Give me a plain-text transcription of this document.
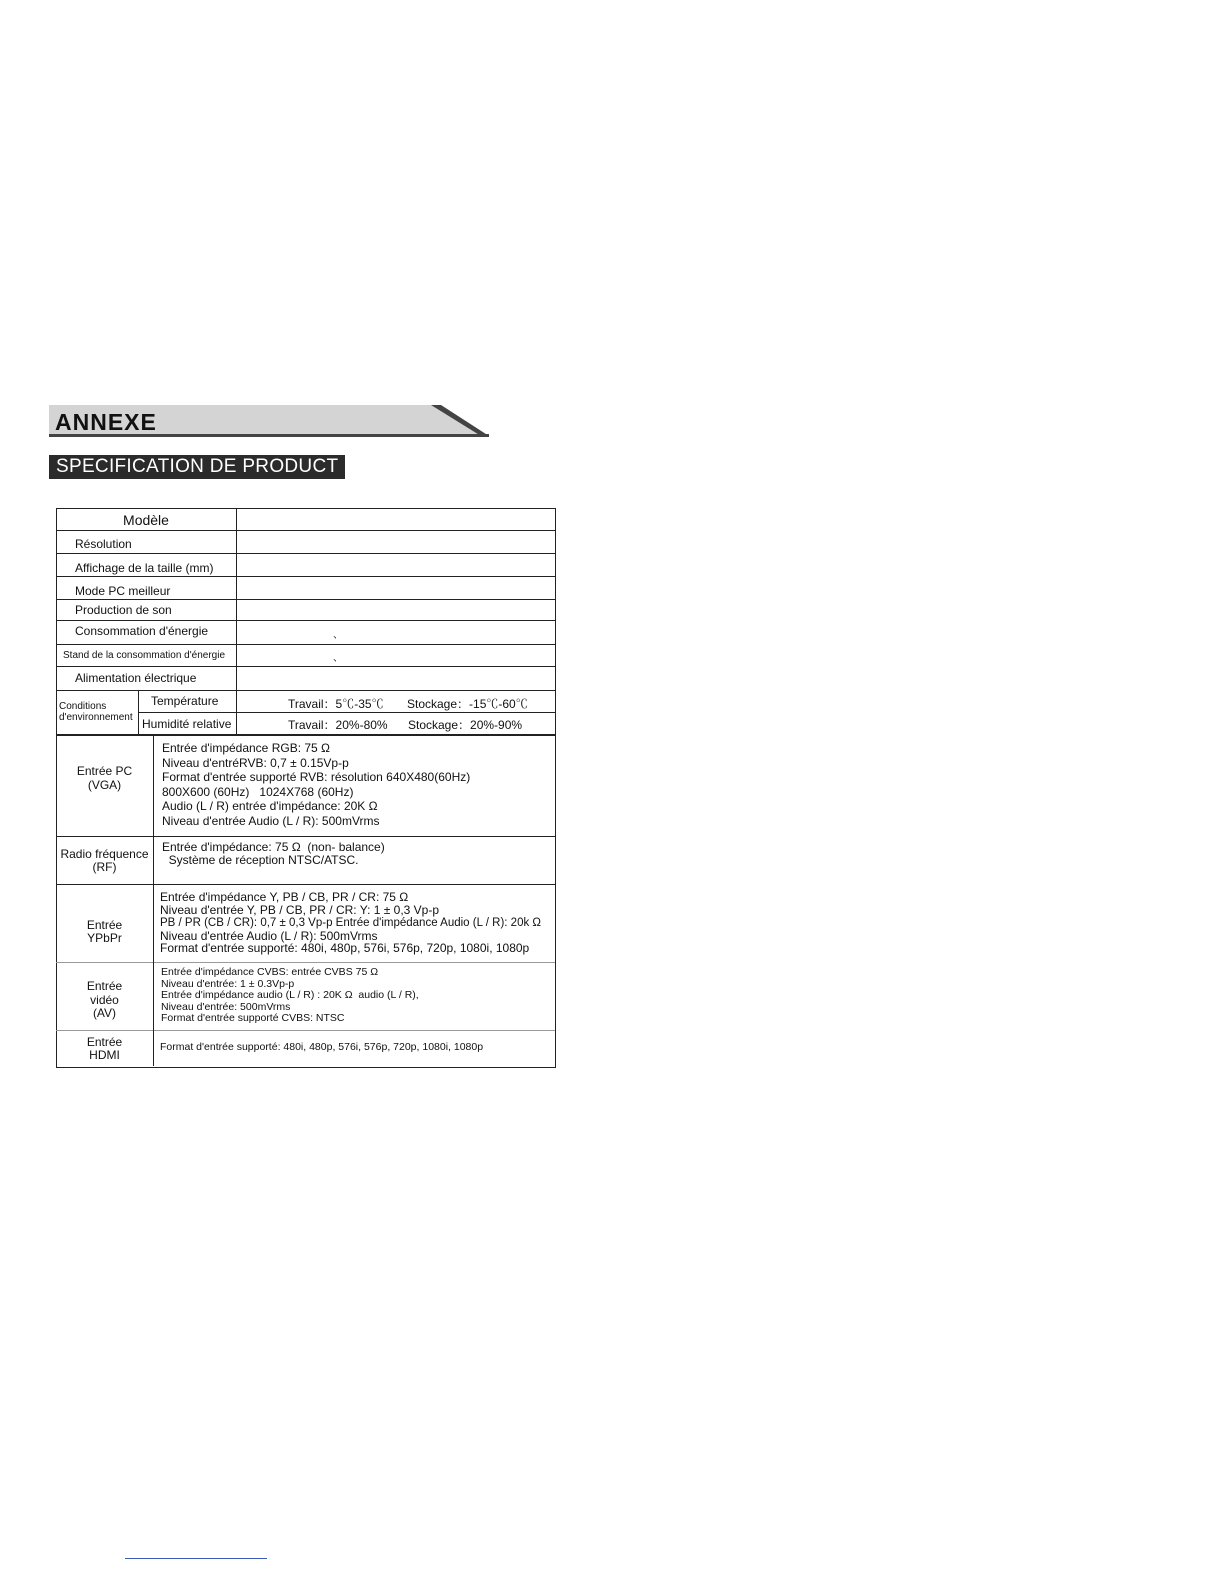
ANNEXE
SPECIFICATION DE PRODUCT
Modèle
Résolution
Affichage de la taille (mm)
Mode PC meilleur
Production de son
Consommation d'énergie
Stand de la consommation d'énergie
Alimentation électrique
、
、
Conditions
d'environnement
Température	Travail：5℃-35℃ Stockage：-15℃-60℃
Humidité relative	Travail：20%-80% Stockage：20%-90%
Entrée PC
(VGA)
Entrée d'impédance RGB: 75 Ω
Niveau d'entréRVB: 0,7 ± 0.15Vp-p
Format d'entrée supporté RVB: résolution 640X480(60Hz)
800X600 (60Hz)   1024X768 (60Hz)
Audio (L / R) entrée d'impédance: 20K Ω
Niveau d'entrée Audio (L / R): 500mVrms
Radio fréquence
(RF)
Entrée d'impédance: 75 Ω  (non- balance)
Système de réception NTSC/ATSC.
Entrée
YPbPr
Entrée d'impédance Y, PB / CB, PR / CR: 75 Ω
Niveau d'entrée Y, PB / CB, PR / CR: Y: 1 ± 0,3 Vp-p
PB / PR (CB / CR): 0,7 ± 0,3 Vp-p Entrée d'impédance Audio (L / R): 20k Ω
Niveau d'entrée Audio (L / R): 500mVrms
Format d'entrée supporté: 480i, 480p, 576i, 576p, 720p, 1080i, 1080p
Entrée
vidéo
(AV)
Entrée d'impédance CVBS: entrée CVBS 75 Ω
Niveau d'entrée: 1 ± 0.3Vp-p
Entrée d'impédance audio (L / R) : 20K Ω  audio (L / R),
Niveau d'entrée: 500mVrms
Format d'entrée supporté CVBS: NTSC
Entrée
HDMI
Format d'entrée supporté: 480i, 480p, 576i, 576p, 720p, 1080i, 1080p
